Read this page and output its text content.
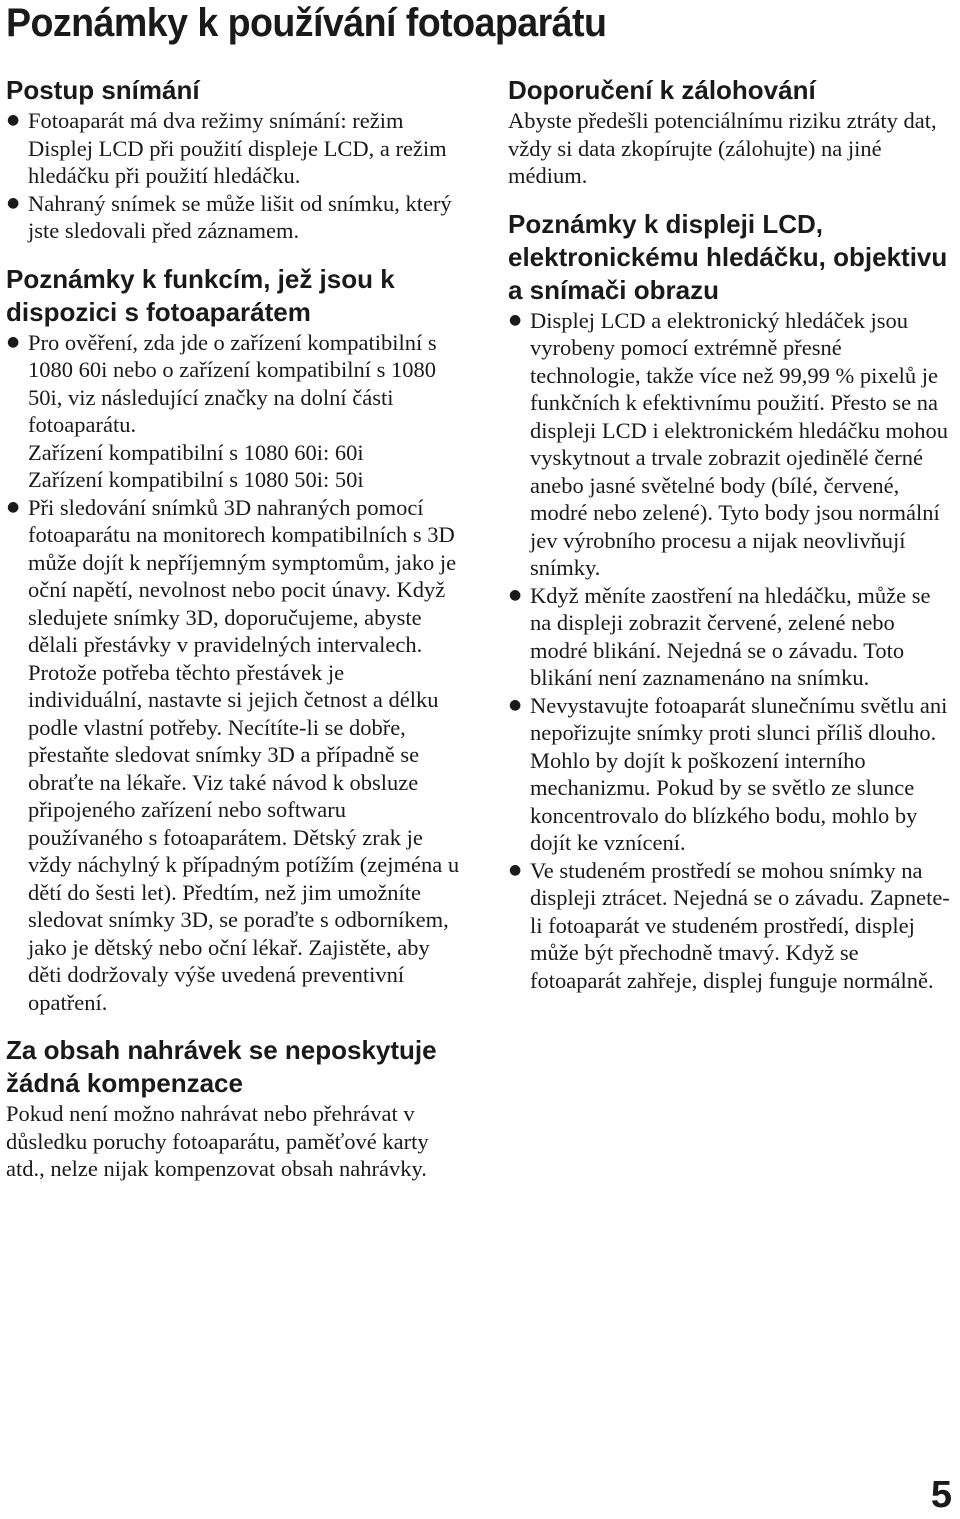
Poznámky k používání fotoaparátu
Postup snímání
● Fotoaparát má dva režimy snímání: režim Displej LCD při použití displeje LCD, a režim hledáčku při použití hledáčku.
● Nahraný snímek se může lišit od snímku, který jste sledovali před záznamem.
Poznámky k funkcím, jež jsou k dispozici s fotoaparátem
● Pro ověření, zda jde o zařízení kompatibilní s 1080 60i nebo o zařízení kompatibilní s 1080 50i, viz následující značky na dolní části fotoaparátu.

Zařízení kompatibilní s 1080 60i: 60i

Zařízení kompatibilní s 1080 50i: 50i

● Při sledování snímků 3D nahraných pomocí fotoaparátu na monitorech kompatibilních s 3D může dojít k nepříjemným symptomům, jako je oční napětí, nevolnost nebo pocit únavy. Když sledujete snímky 3D, doporučujeme, abyste dělali přestávky v pravidelných intervalech. Protože potřeba těchto přestávek je individuální, nastavte si jejich četnost a délku podle vlastní potřeby. Necítíte-li se dobře, přestaňte sledovat snímky 3D a případně se obraťte na lékaře. Viz také návod k obsluze připojeného zařízení nebo softwaru používaného s fotoaparátem. Dětský zrak je vždy náchylný k případným potížím (zejména u dětí do šesti let). Předtím, než jim umožníte sledovat snímky 3D, se poraďte s odborníkem, jako je dětský nebo oční lékař. Zajistěte, aby děti dodržovaly výše uvedená preventivní opatření.
Za obsah nahrávek se neposkytuje žádná kompenzace

Pokud není možno nahrávat nebo přehrávat v důsledku poruchy fotoaparátu, paměťové karty atd., nelze nijak kompenzovat obsah nahrávky.

Doporučení k zálohování

Abyste předešli potenciálnímu riziku ztráty dat, vždy si data zkopírujte (zálohujte) na jiné médium.

Poznámky k displeji LCD, elektronickému hledáčku, objektivu a snímači obrazu
● Displej LCD a elektronický hledáček jsou vyrobeny pomocí extrémně přesné technologie, takže více než 99,99 % pixelů je funkčních k efektivnímu použití. Přesto se na displeji LCD i elektronickém hledáčku mohou vyskytnout a trvale zobrazit ojedinělé černé anebo jasné světelné body (bílé, červené, modré nebo zelené). Tyto body jsou normální jev výrobního procesu a nijak neovlivňují snímky.
● Když měníte zaostření na hledáčku, může se na displeji zobrazit červené, zelené nebo modré blikání. Nejedná se o závadu. Toto blikání není zaznamenáno na snímku.
● Nevystavujte fotoaparát slunečnímu světlu ani nepořizujte snímky proti slunci příliš dlouho. Mohlo by dojít k poškození interního mechanizmu. Pokud by se světlo ze slunce koncentrovalo do blízkého bodu, mohlo by dojít ke vznícení.
● Ve studeném prostředí se mohou snímky na displeji ztrácet. Nejedná se o závadu. Zapnete-li fotoaparát ve studeném prostředí, displej může být přechodně tmavý. Když se fotoaparát zahřeje, displej funguje normálně.
5
